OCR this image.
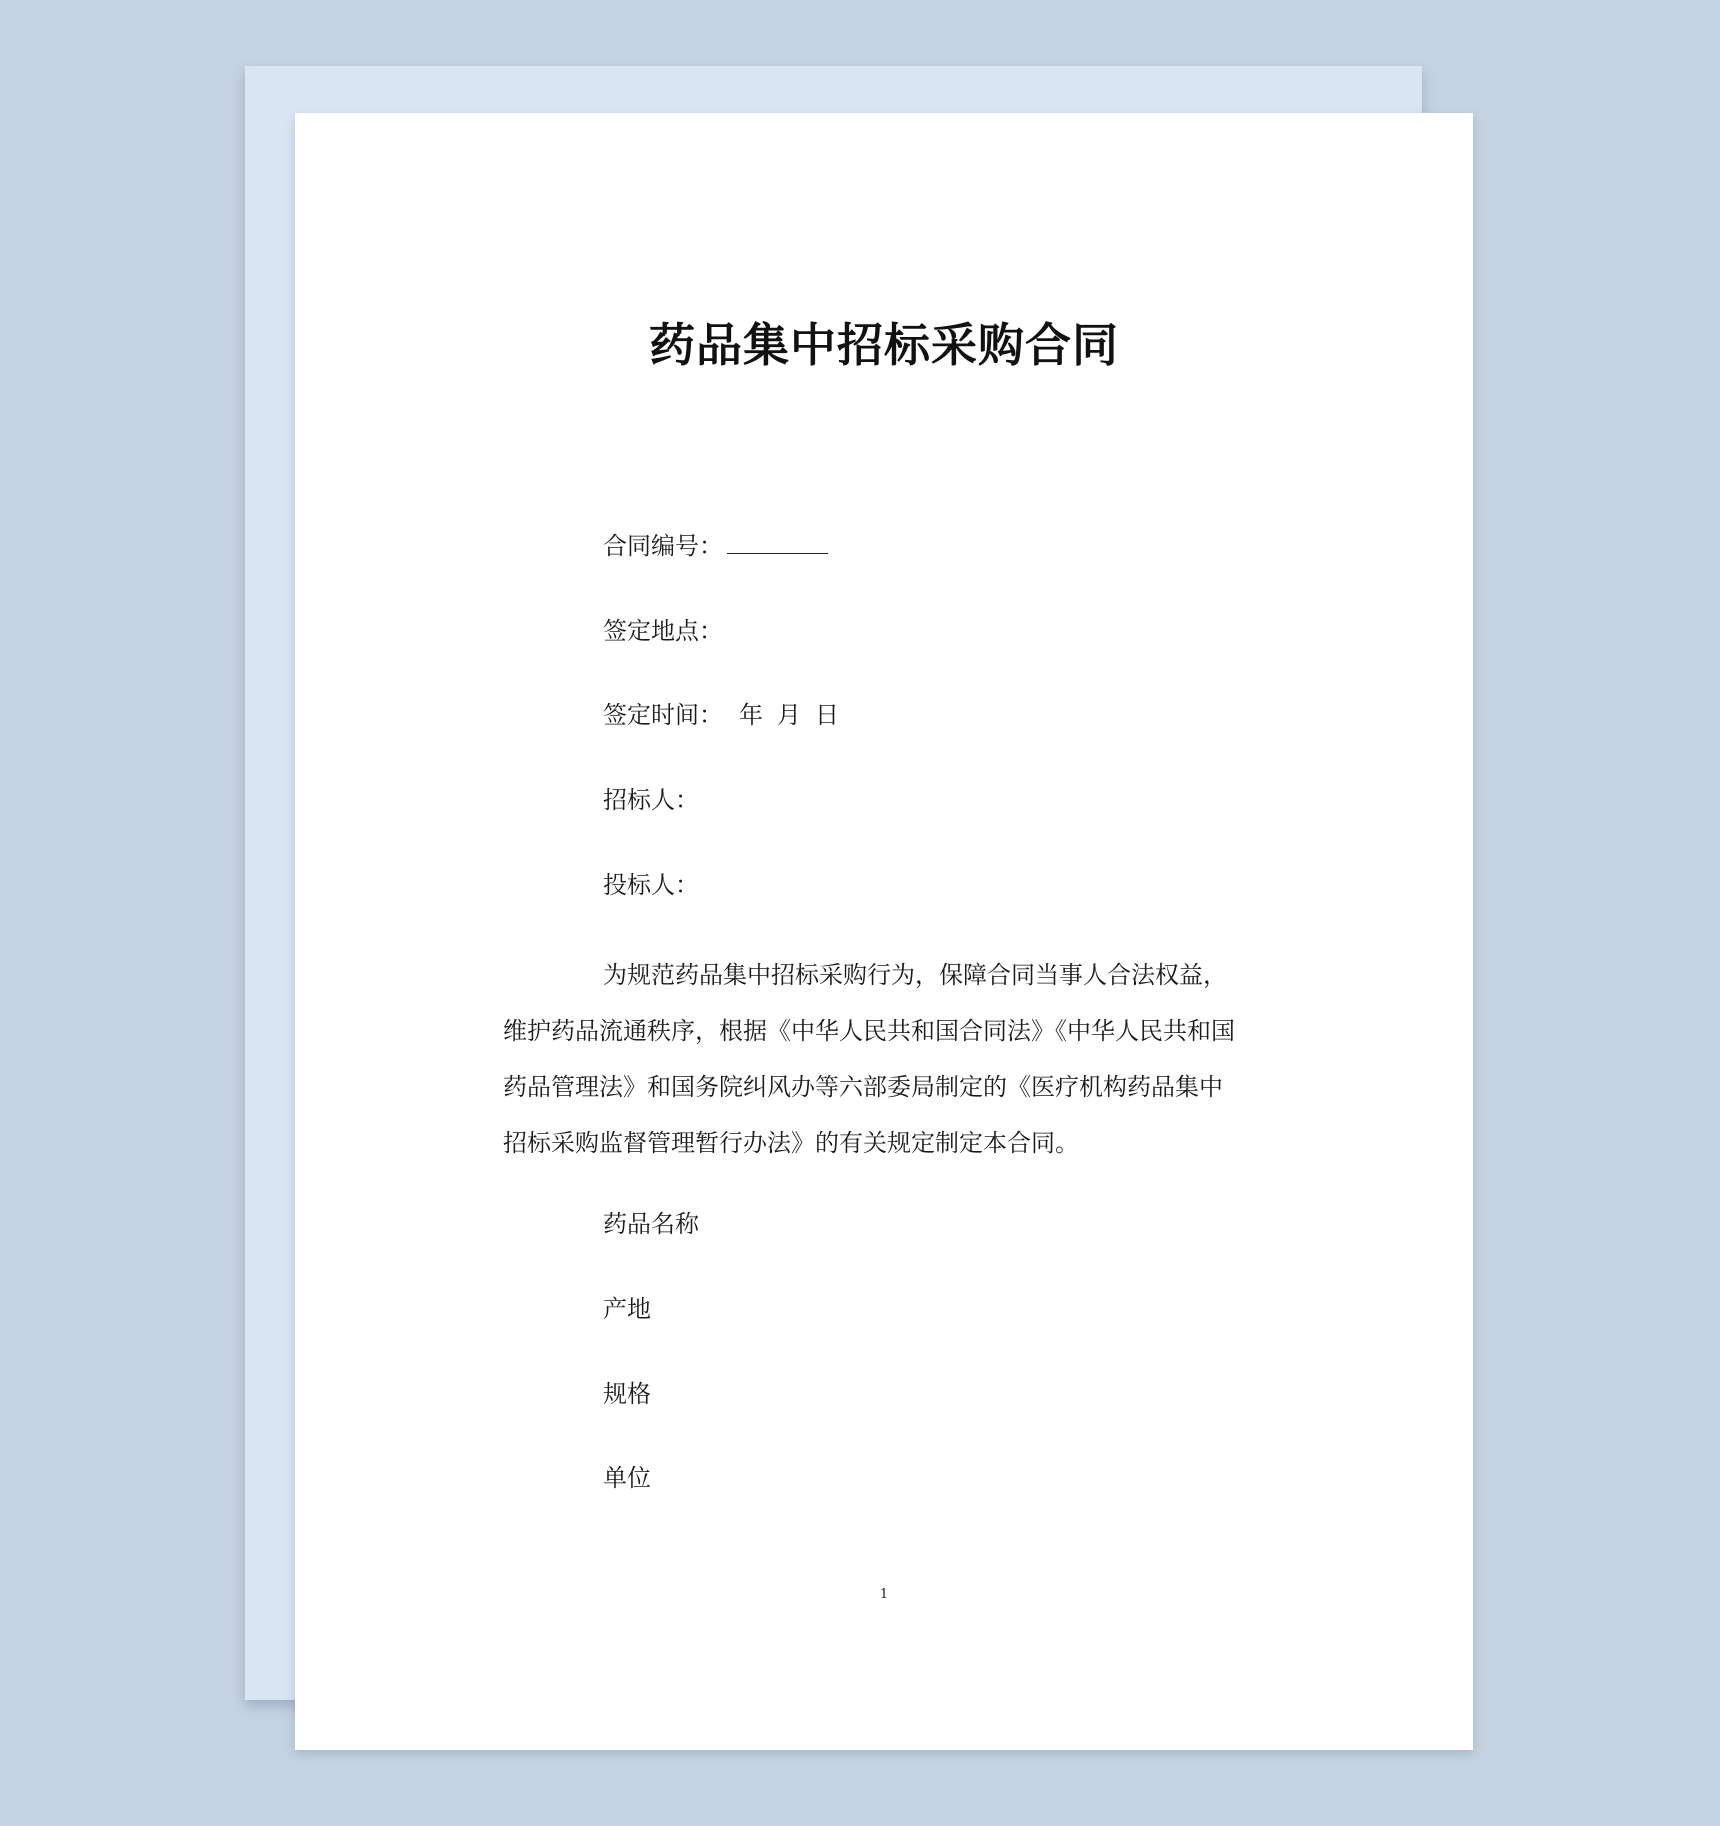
药品集中招标采购合同
合同编号：
签定地点：
签定时间： 年 月 日
招标人：
投标人：
为规范药品集中招标采购行为，保障合同当事人合法权益，
维护药品流通秩序，根据《中华人民共和国合同法》《中华人民共和国
药品管理法》和国务院纠风办等六部委局制定的《医疗机构药品集中
招标采购监督管理暂行办法》的有关规定制定本合同。
药品名称
产地
规格
单位
1
